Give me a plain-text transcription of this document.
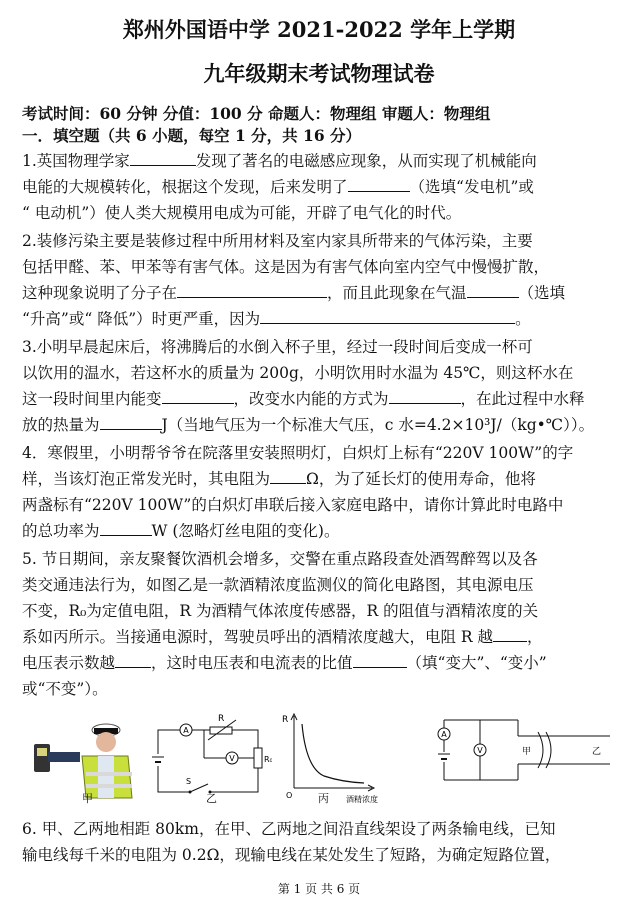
郑州外国语中学 2021-2022 学年上学期
九年级期末考试物理试卷
考试时间：60 分钟 分值：100 分 命题人：物理组 审题人：物理组
一．填空题（共 6 小题，每空 1 分，共 16 分）
1.英国物理学家	发现了著名的电磁感应现象，从而实现了机械能向
电能的大规模转化，根据这个发现，后来发明了	（选填“发电机”或
“ 电动机”）使人类大规模用电成为可能，开辟了电气化的时代。
2.装修污染主要是装修过程中所用材料及室内家具所带来的气体污染，主要
包括甲醛、苯、甲苯等有害气体。这是因为有害气体向室内空气中慢慢扩散，
这种现象说明了分子在	，而且此现象在气温	（选填
“升高”或“ 降低”）时更严重，因为	。
3.小明早晨起床后，将沸腾后的水倒入杯子里，经过一段时间后变成一杯可
以饮用的温水，若这杯水的质量为 200g，小明饮用时水温为 45℃，则这杯水在
这一段时间里内能变	，改变水内能的方式为	，在此过程中水释
放的热量为	J（当地气压为一个标准大气压，c 水=4.2×10³J/（kg•℃））。
4．寒假里，小明帮爷爷在院落里安装照明灯，白炽灯上标有“220V 100W”的字
样，当该灯泡正常发光时，其电阻为 Ω，为了延长灯的使用寿命，他将
两盏标有“220V 100W”的白炽灯串联后接入家庭电路中，请你计算此时电路中
的总功率为	W (忽略灯丝电阻的变化)。
5. 节日期间，亲友聚餐饮酒机会增多，交警在重点路段查处酒驾醉驾以及各
类交通违法行为，如图乙是一款酒精浓度监测仪的简化电路图，其电源电压
不变，R₀为定值电阻，R 为酒精气体浓度传感器，R 的阻值与酒精浓度的关
系如丙所示。当接通电源时，驾驶员呼出的酒精浓度越大，电阻 R 越 ，
电压表示数越 ，这时电压表和电流表的比值	（填“变大”、“变小”
或“不变”）。
甲
A
R
R₀
V
S
乙
R
O	酒精浓度
丙
A
V	甲	乙
6. 甲、乙两地相距 80km，在甲、乙两地之间沿直线架设了两条输电线，已知
输电线每千米的电阻为 0.2Ω，现输电线在某处发生了短路，为确定短路位置，
第 1 页 共 6 页
